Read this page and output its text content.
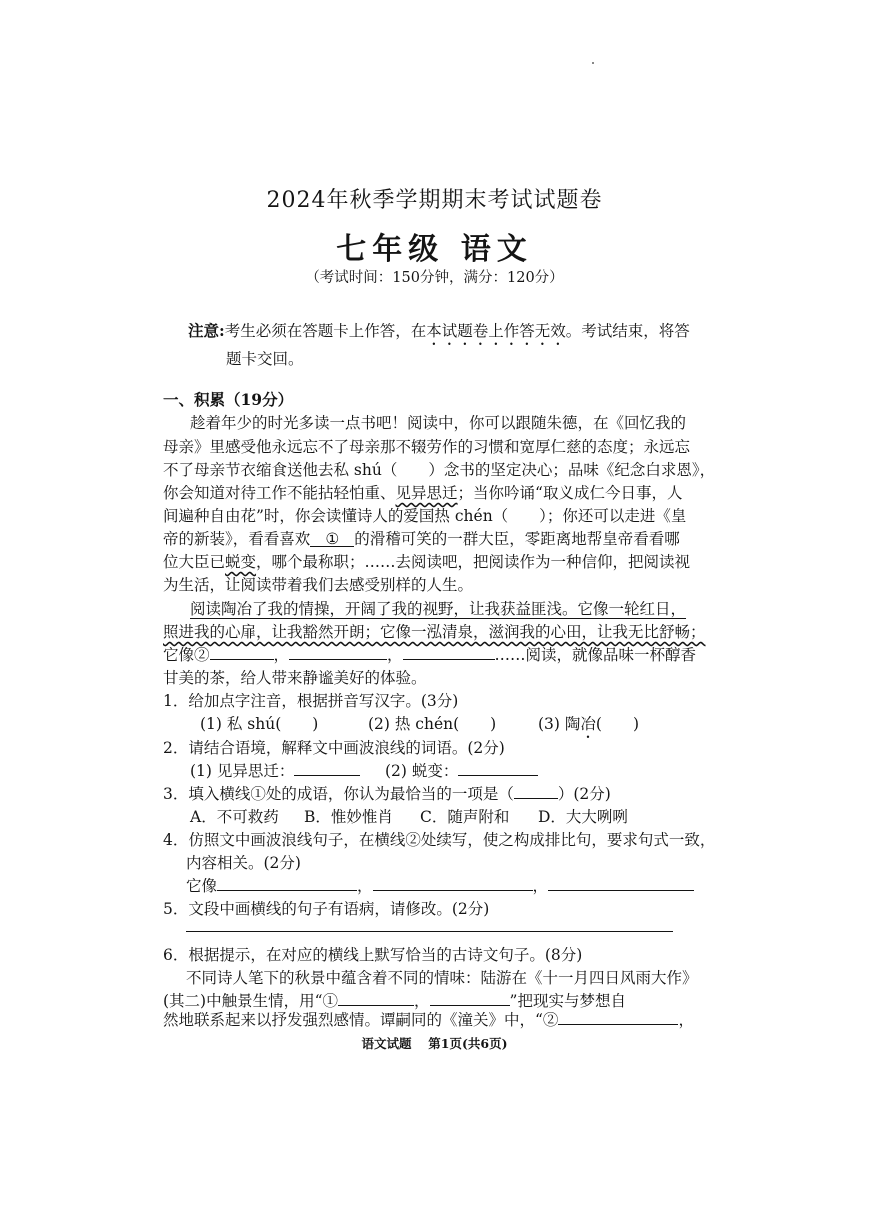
2024年秋季学期期末考试试题卷
七年级 语文
（考试时间：150分钟，满分：120分）
注意:考生必须在答题卡上作答，在本试题卷上作答无效。考试结束，将答
题卡交回。
一、积累（19分）
趁着年少的时光多读一点书吧！阅读中，你可以跟随朱德，在《回忆我的
母亲》里感受他永远忘不了母亲那不辍劳作的习惯和宽厚仁慈的态度；永远忘
不了母亲节衣缩食送他去私 shú（　　）念书的坚定决心；品味《纪念白求恩》，
你会知道对待工作不能拈轻怕重、见异思迁；当你吟诵“取义成仁今日事，人
间遍种自由花”时，你会读懂诗人的爱国热 chén（　　）；你还可以走进《皇
帝的新装》，看看喜欢 ① 的滑稽可笑的一群大臣，零距离地帮皇帝看看哪
位大臣已蜕变，哪个最称职；……去阅读吧，把阅读作为一种信仰，把阅读视
为生活，让阅读带着我们去感受别样的人生。
阅读陶冶了我的情操，开阔了我的视野，让我获益匪浅。它像一轮红日，
照进我的心扉，让我豁然开朗；它像一泓清泉，滋润我的心田，让我无比舒畅；
它像②	，	，	……阅读，就像品味一杯醇香
甘美的茶，给人带来静谧美好的体验。
1．给加点字注音，根据拼音写汉字。(3分)
(1) 私 shú(　　)	(2) 热 chén(　　)	(3) 陶冶(　　)
2．请结合语境，解释文中画波浪线的词语。(2分)
(1) 见异思迁：	(2) 蜕变：
3．填入横线①处的成语，你认为最恰当的一项是（	）(2分)
A．不可救药 B．惟妙惟肖 C．随声附和 D．大大咧咧
4．仿照文中画波浪线句子，在横线②处续写，使之构成排比句，要求句式一致，
内容相关。(2分)
它像	，	，
5．文段中画横线的句子有语病，请修改。(2分)
6．根据提示，在对应的横线上默写恰当的古诗文句子。(8分)
不同诗人笔下的秋景中蕴含着不同的情味：陆游在《十一月四日风雨大作》
(其二)中触景生情，用“①	，	”把现实与梦想自
然地联系起来以抒发强烈感情。谭嗣同的《潼关》中，“②	，
语文试题　 第1页(共6页)
